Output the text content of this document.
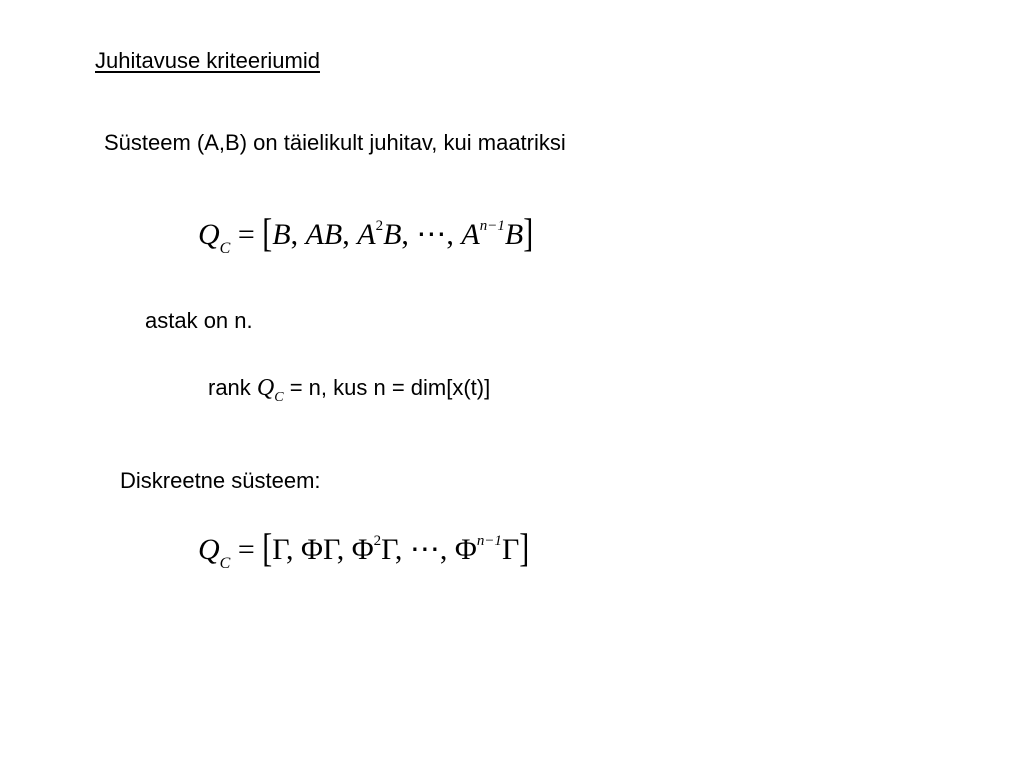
Juhitavuse kriteeriumid
Süsteem (A,B) on täielikult juhitav, kui maatriksi
$Q_C = [B$, AB, $A^2B$, ⋯, $A^{n-1}B$]
astak on n.
rank $Q_C = n$, kus n = dim[x(t)]
Diskreetne süsteem:
$Q_C = [\Gamma$, ΦΓ, $\Phi^2\Gamma$, ⋯, $\Phi^{n-1}\Gamma$]
